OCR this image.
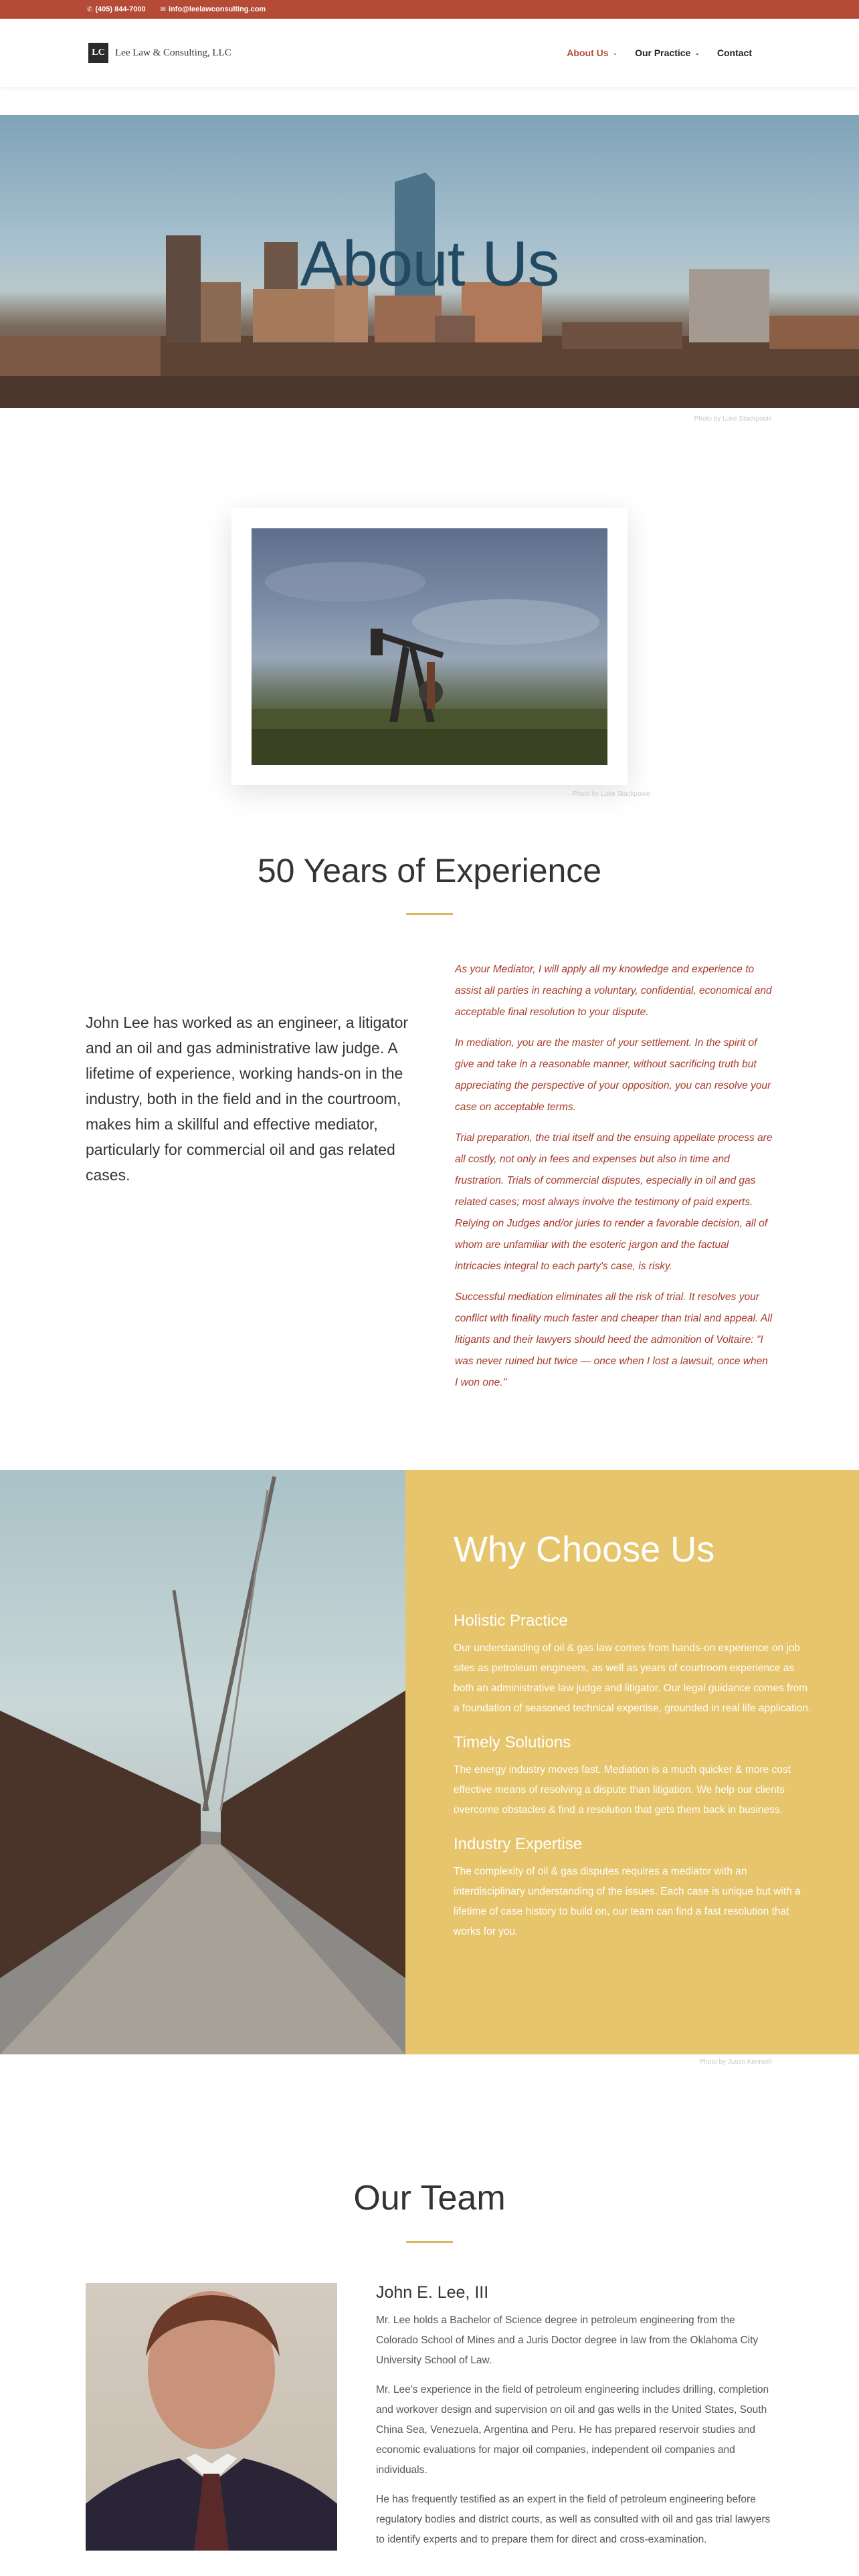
✆ (405) 844-7000 ✉ info@leelawconsulting.com
LC	Lee Law & Consulting, LLC	About Us ⌄ Our Practice ⌄ Contact
About Us
Photo by Luke Stackpoole
Photo by Luke Stackpoole
50 Years of Experience
John Lee has worked as an engineer, a litigator and an oil and gas administrative law judge. A lifetime of experience, working hands-on in the industry, both in the field and in the courtroom, makes him a skillful and effective mediator, particularly for commercial oil and gas related cases.

As your Mediator, I will apply all my knowledge and experience to assist all parties in reaching a voluntary, confidential, economical and acceptable final resolution to your dispute.

In mediation, you are the master of your settlement. In the spirit of give and take in a reasonable manner, without sacrificing truth but appreciating the perspective of your opposition, you can resolve your case on acceptable terms.

Trial preparation, the trial itself and the ensuing appellate process are all costly, not only in fees and expenses but also in time and frustration. Trials of commercial disputes, especially in oil and gas related cases; most always involve the testimony of paid experts. Relying on Judges and/or juries to render a favorable decision, all of whom are unfamiliar with the esoteric jargon and the factual intricacies integral to each party's case, is risky.

Successful mediation eliminates all the risk of trial. It resolves your conflict with finality much faster and cheaper than trial and appeal. All litigants and their lawyers should heed the admonition of Voltaire: "I was never ruined but twice — once when I lost a lawsuit, once when I won one."

Why Choose Us
Holistic Practice

Our understanding of oil & gas law comes from hands-on experience on job sites as petroleum engineers, as well as years of courtroom experience as both an administrative law judge and litigator. Our legal guidance comes from a foundation of seasoned technical expertise, grounded in real life application.

Timely Solutions

The energy industry moves fast. Mediation is a much quicker & more cost effective means of resolving a dispute than litigation. We help our clients overcome obstacles & find a resolution that gets them back in business.

Industry Expertise

The complexity of oil & gas disputes requires a mediator with an interdisciplinary understanding of the issues. Each case is unique but with a lifetime of case history to build on, our team can find a fast resolution that works for you.

Photo by Justin Kenneth
Our Team
John E. Lee, III

Mr. Lee holds a Bachelor of Science degree in petroleum engineering from the Colorado School of Mines and a Juris Doctor degree in law from the Oklahoma City University School of Law.

Mr. Lee's experience in the field of petroleum engineering includes drilling, completion and workover design and supervision on oil and gas wells in the United States, South China Sea, Venezuela, Argentina and Peru. He has prepared reservoir studies and economic evaluations for major oil companies, independent oil companies and individuals.

He has frequently testified as an expert in the field of petroleum engineering before regulatory bodies and district courts, as well as consulted with oil and gas trial lawyers to identify experts and to prepare them for direct and cross-examination.
